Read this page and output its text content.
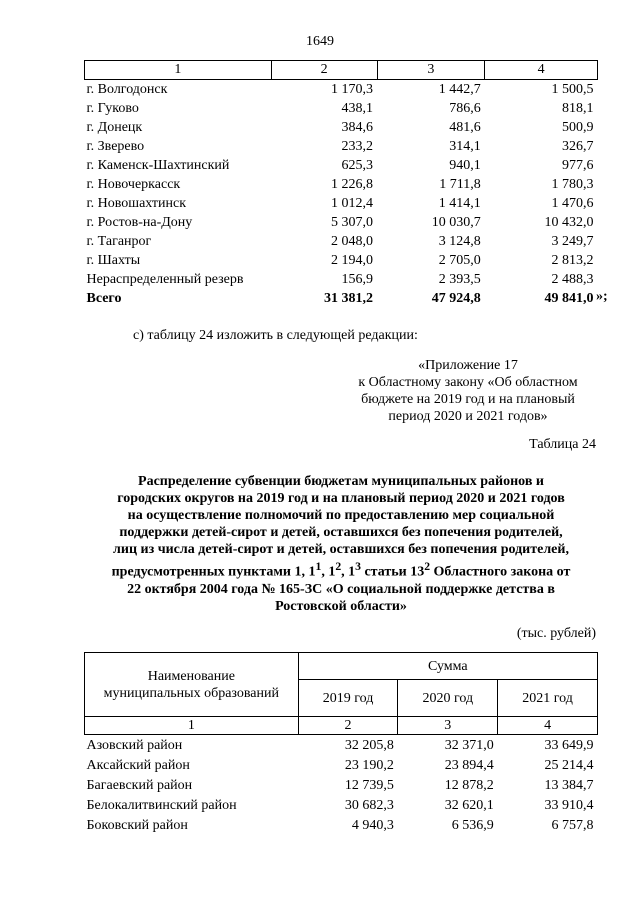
1649
1	2	3	4
г. Волгодонск	1 170,3	1 442,7	1 500,5
г. Гуково	438,1	786,6	818,1
г. Донецк	384,6	481,6	500,9
г. Зверево	233,2	314,1	326,7
г. Каменск-Шахтинский	625,3	940,1	977,6
г. Новочеркасск	1 226,8	1 711,8	1 780,3
г. Новошахтинск	1 012,4	1 414,1	1 470,6
г. Ростов-на-Дону	5 307,0	10 030,7	10 432,0
г. Таганрог	2 048,0	3 124,8	3 249,7
г. Шахты	2 194,0	2 705,0	2 813,2
Нераспределенный резерв	156,9	2 393,5	2 488,3
Всего	31 381,2	47 924,8	49 841,0 »;
с) таблицу 24 изложить в следующей редакции:
«Приложение 17
к Областному закону «Об областном
бюджете на 2019 год и на плановый
период 2020 и 2021 годов»
Таблица 24
Распределение субвенции бюджетам муниципальных районов и
городских округов на 2019 год и на плановый период 2020 и 2021 годов
на осуществление полномочий по предоставлению мер социальной
поддержки детей-сирот и детей, оставшихся без попечения родителей,
лиц из числа детей-сирот и детей, оставшихся без попечения родителей,
предусмотренных пунктами 1, $1^1$, $1^2$, $1^3$ статьи $13^2$ Областного закона от
22 октября 2004 года № 165-ЗС «О социальной поддержке детства в
Ростовской области»
(тыс. рублей)
Наименование
муниципальных образований	Сумма		
	2019 год	2020 год	2021 год
1	2	3	4
Азовский район	32 205,8	32 371,0	33 649,9
Аксайский район	23 190,2	23 894,4	25 214,4
Багаевский район	12 739,5	12 878,2	13 384,7
Белокалитвинский район	30 682,3	32 620,1	33 910,4
Боковский район	4 940,3	6 536,9	6 757,8
